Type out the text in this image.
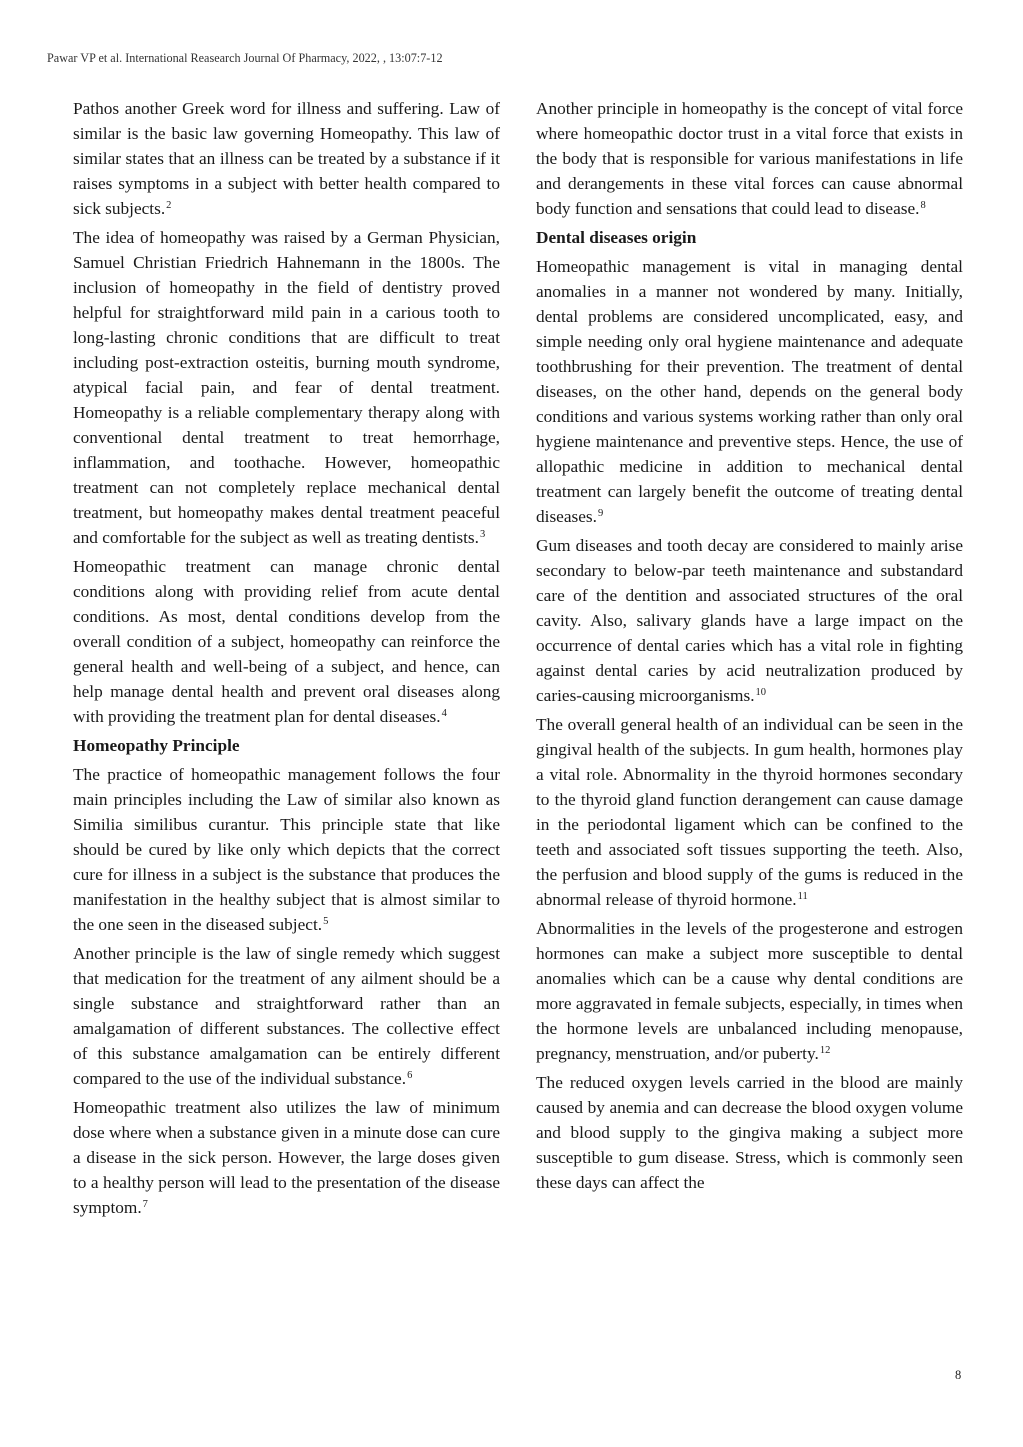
Pawar VP et al. International Reasearch Journal Of Pharmacy, 2022, , 13:07:7-12

Pathos another Greek word for illness and suffering. Law of similar is the basic law governing Homeopathy. This law of similar states that an illness can be treated by a substance if it raises symptoms in a subject with better health compared to sick subjects.$^2$

The idea of homeopathy was raised by a German Physician, Samuel Christian Friedrich Hahnemann in the 1800s. The inclusion of homeopathy in the field of dentistry proved helpful for straightforward mild pain in a carious tooth to long-lasting chronic conditions that are difficult to treat including post-extraction osteitis, burning mouth syndrome, atypical facial pain, and fear of dental treatment. Homeopathy is a reliable complementary therapy along with conventional dental treatment to treat hemorrhage, inflammation, and toothache. However, homeopathic treatment can not completely replace mechanical dental treatment, but homeopathy makes dental treatment peaceful and comfortable for the subject as well as treating dentists.$^3$

Homeopathic treatment can manage chronic dental conditions along with providing relief from acute dental conditions. As most, dental conditions develop from the overall condition of a subject, homeopathy can reinforce the general health and well-being of a subject, and hence, can help manage dental health and prevent oral diseases along with providing the treatment plan for dental diseases.$^4$

Homeopathy Principle

The practice of homeopathic management follows the four main principles including the Law of similar also known as Similia similibus curantur. This principle state that like should be cured by like only which depicts that the correct cure for illness in a subject is the substance that produces the manifestation in the healthy subject that is almost similar to the one seen in the diseased subject.$^5$

Another principle is the law of single remedy which suggest that medication for the treatment of any ailment should be a single substance and straightforward rather than an amalgamation of different substances. The collective effect of this substance amalgamation can be entirely different compared to the use of the individual substance.$^6$

Homeopathic treatment also utilizes the law of minimum dose where when a substance given in a minute dose can cure a disease in the sick person. However, the large doses given to a healthy person will lead to the presentation of the disease symptom.$^7$

Another principle in homeopathy is the concept of vital force where homeopathic doctor trust in a vital force that exists in the body that is responsible for various manifestations in life and derangements in these vital forces can cause abnormal body function and sensations that could lead to disease.$^8$

Dental diseases origin

Homeopathic management is vital in managing dental anomalies in a manner not wondered by many. Initially, dental problems are considered uncomplicated, easy, and simple needing only oral hygiene maintenance and adequate toothbrushing for their prevention. The treatment of dental diseases, on the other hand, depends on the general body conditions and various systems working rather than only oral hygiene maintenance and preventive steps. Hence, the use of allopathic medicine in addition to mechanical dental treatment can largely benefit the outcome of treating dental diseases.$^9$

Gum diseases and tooth decay are considered to mainly arise secondary to below-par teeth maintenance and substandard care of the dentition and associated structures of the oral cavity. Also, salivary glands have a large impact on the occurrence of dental caries which has a vital role in fighting against dental caries by acid neutralization produced by caries-causing microorganisms.$^{10}$

The overall general health of an individual can be seen in the gingival health of the subjects. In gum health, hormones play a vital role. Abnormality in the thyroid hormones secondary to the thyroid gland function derangement can cause damage in the periodontal ligament which can be confined to the teeth and associated soft tissues supporting the teeth. Also, the perfusion and blood supply of the gums is reduced in the abnormal release of thyroid hormone.$^{11}$

Abnormalities in the levels of the progesterone and estrogen hormones can make a subject more susceptible to dental anomalies which can be a cause why dental conditions are more aggravated in female subjects, especially, in times when the hormone levels are unbalanced including menopause, pregnancy, menstruation, and/or puberty.$^{12}$

The reduced oxygen levels carried in the blood are mainly caused by anemia and can decrease the blood oxygen volume and blood supply to the gingiva making a subject more susceptible to gum disease. Stress, which is commonly seen these days can affect the

8
